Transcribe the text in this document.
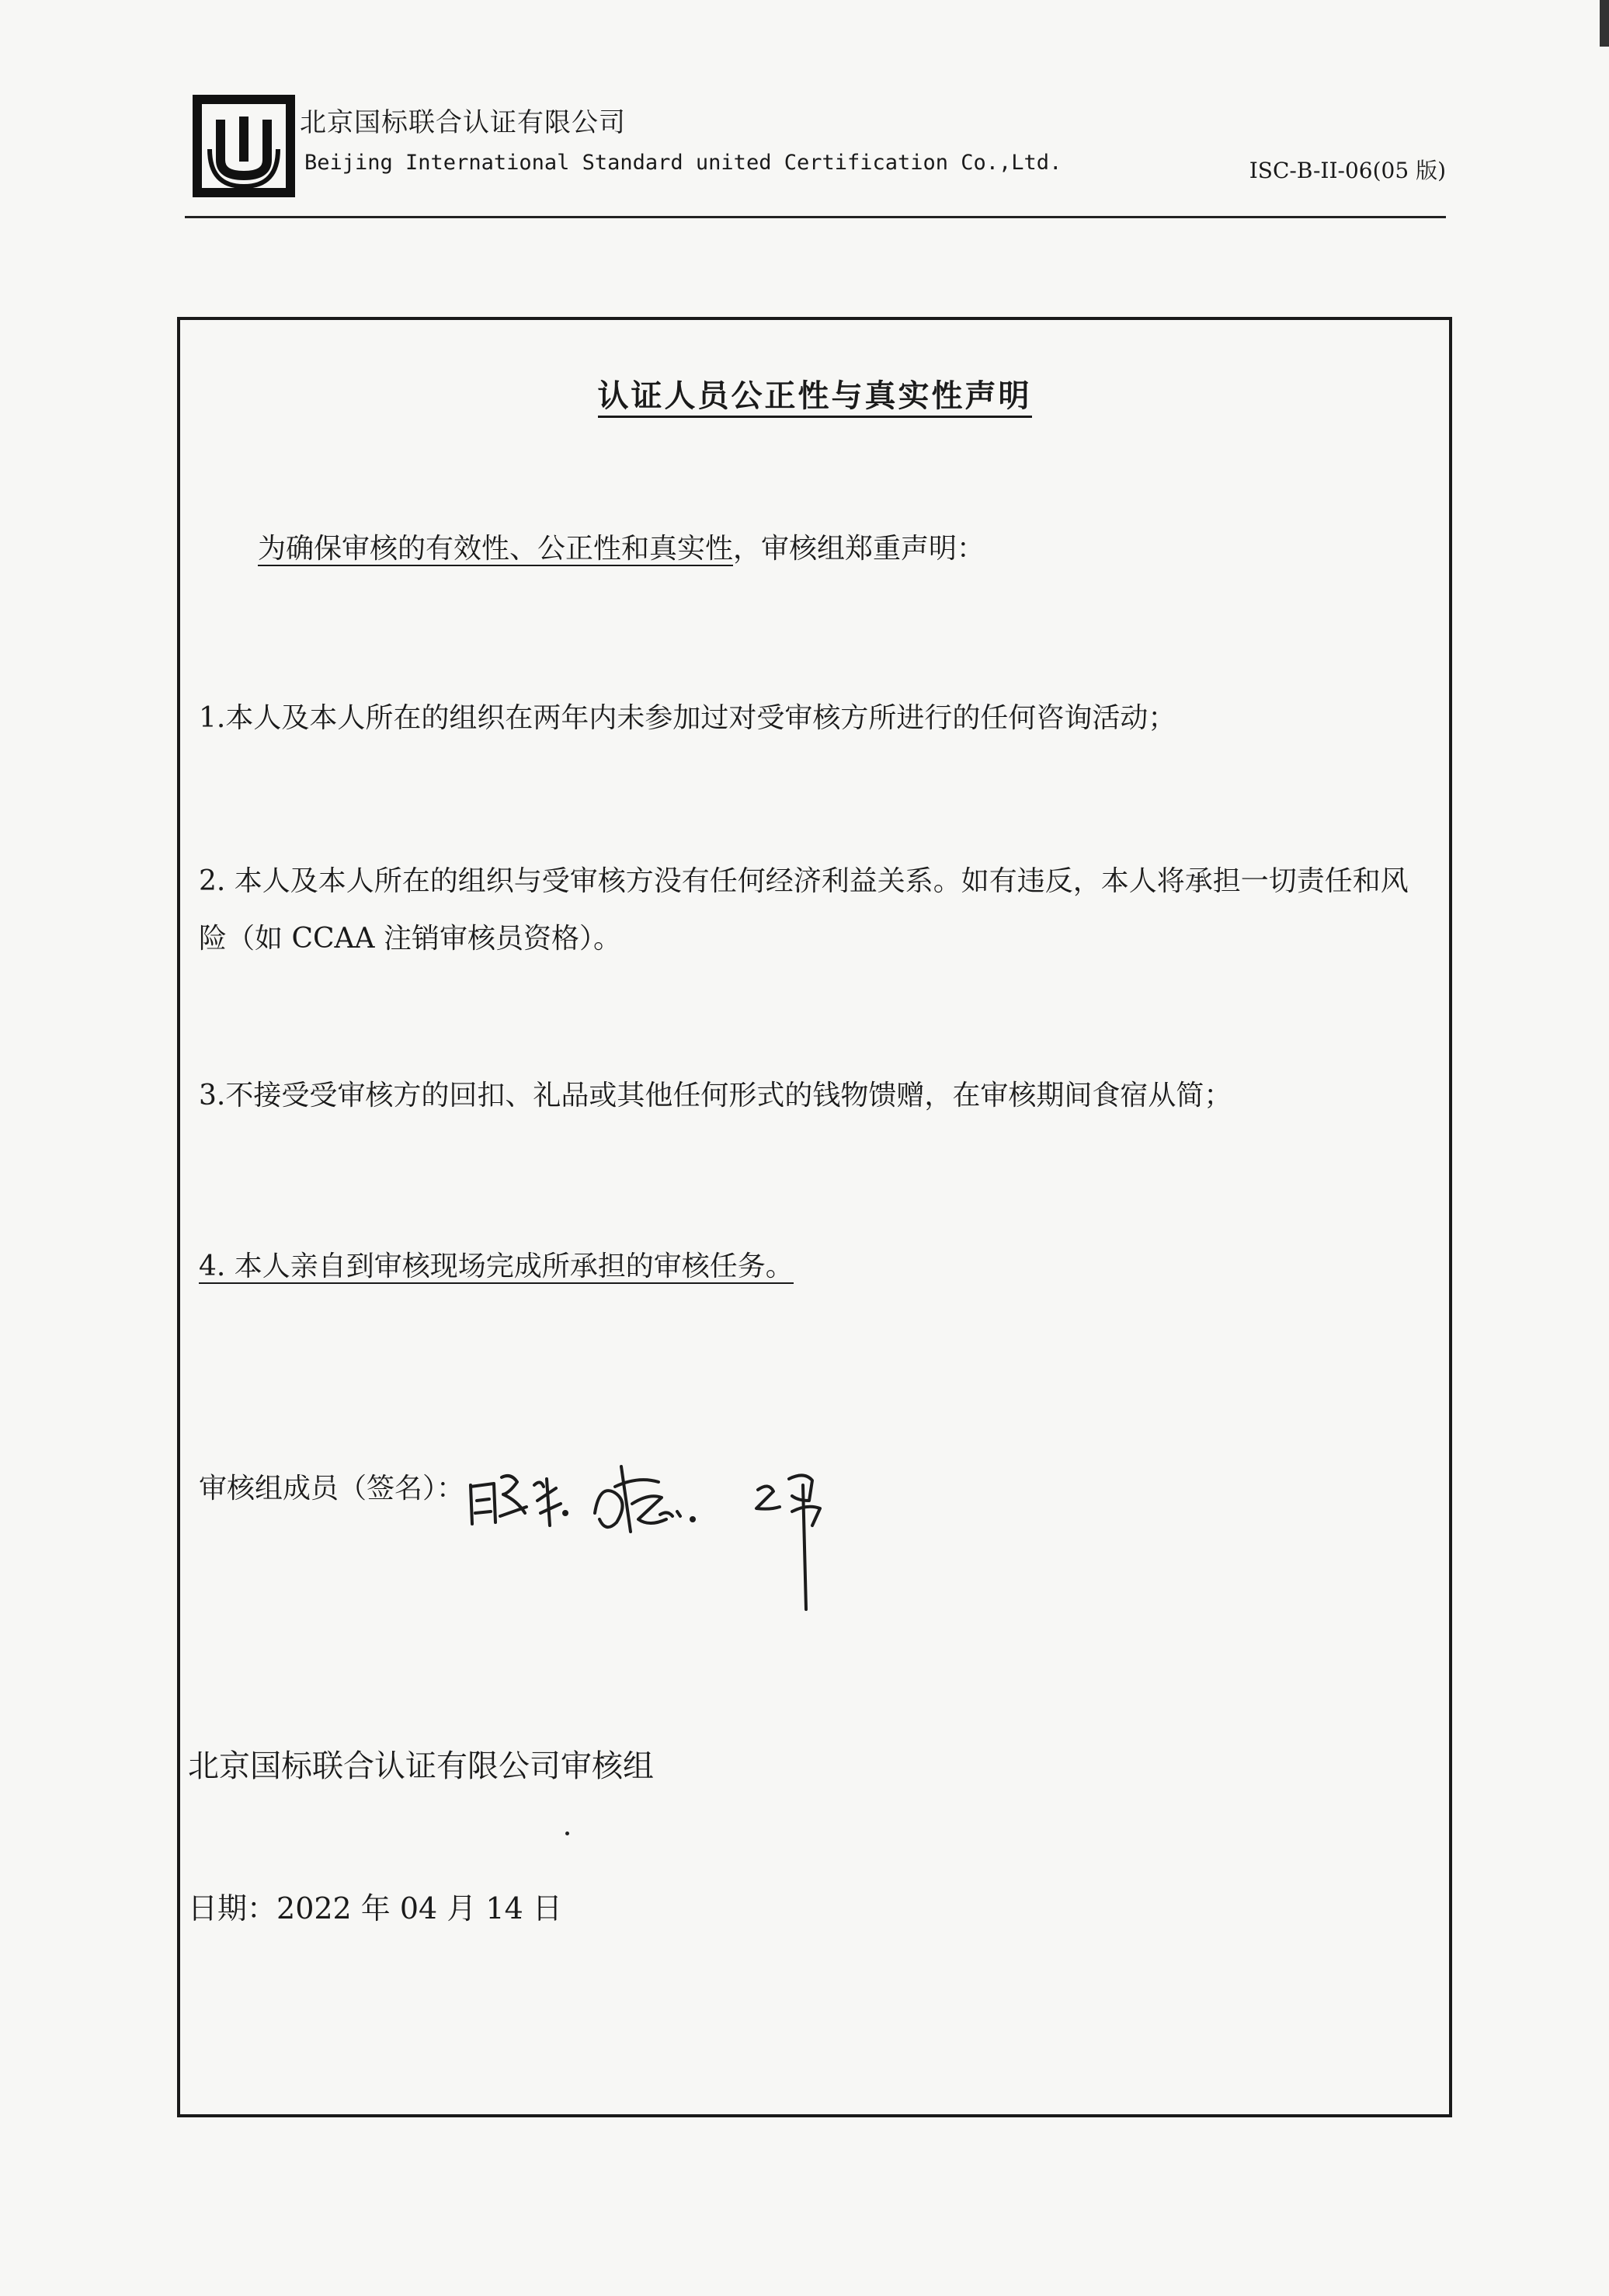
北京国标联合认证有限公司
Beijing International Standard united Certification Co.,Ltd.	ISC-B-II-06(05 版)
认证人员公正性与真实性声明
为确保审核的有效性、公正性和真实性，审核组郑重声明：
1.本人及本人所在的组织在两年内未参加过对受审核方所进行的任何咨询活动；
2. 本人及本人所在的组织与受审核方没有任何经济利益关系。如有违反，本人将承担一切责任和风险（如 CCAA 注销审核员资格）。
3.不接受受审核方的回扣、礼品或其他任何形式的钱物馈赠，在审核期间食宿从简；
4. 本人亲自到审核现场完成所承担的审核任务。
审核组成员（签名）：
北京国标联合认证有限公司审核组
日期：2022 年 04 月 14 日
